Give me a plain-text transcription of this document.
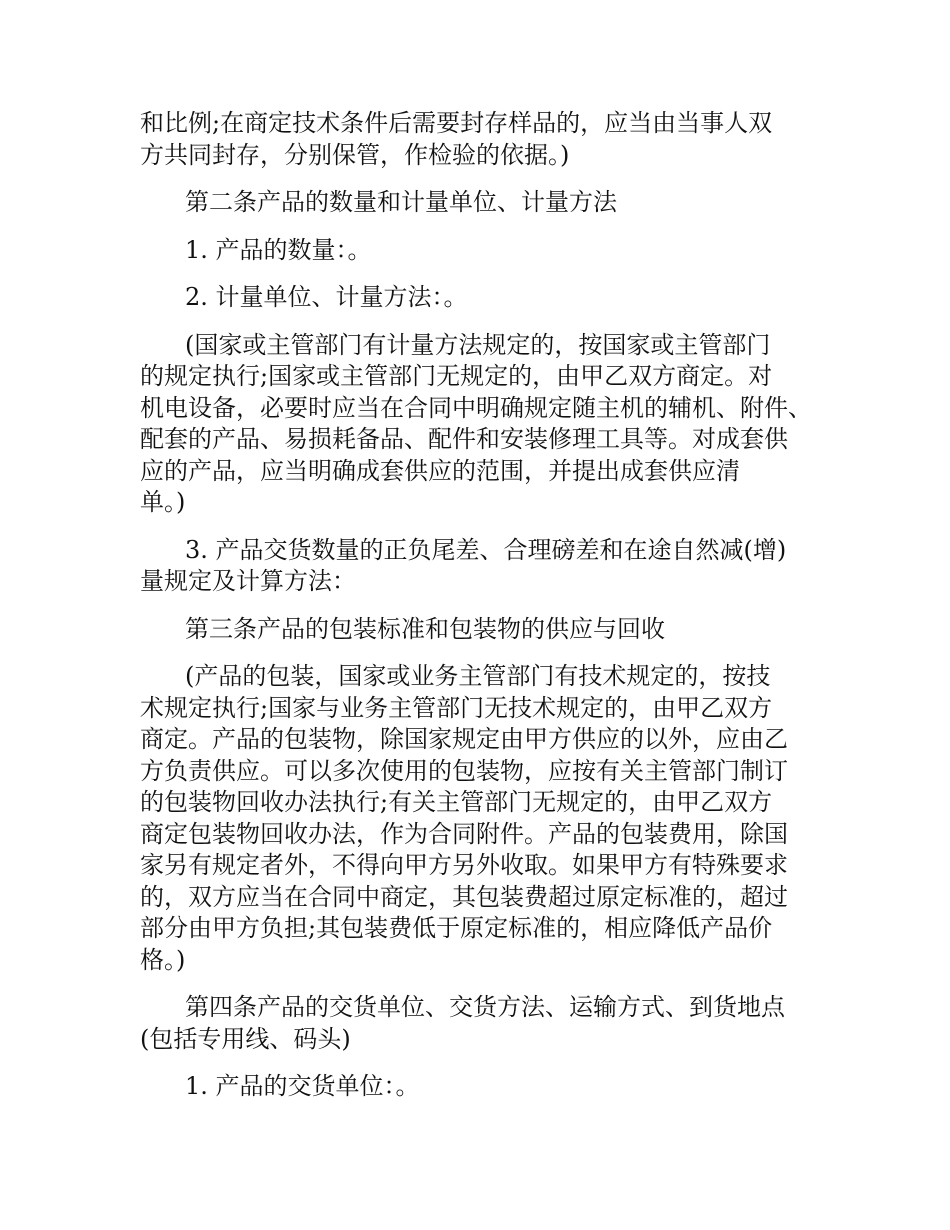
和比例;在商定技术条件后需要封存样品的，应当由当事人双
方共同封存，分别保管，作检验的依据。)

第二条产品的数量和计量单位、计量方法

1. 产品的数量：。

2. 计量单位、计量方法：。

(国家或主管部门有计量方法规定的，按国家或主管部门
的规定执行;国家或主管部门无规定的，由甲乙双方商定。对
机电设备，必要时应当在合同中明确规定随主机的辅机、附件、
配套的产品、易损耗备品、配件和安装修理工具等。对成套供
应的产品，应当明确成套供应的范围，并提出成套供应清
单。)

3. 产品交货数量的正负尾差、合理磅差和在途自然减(增)
量规定及计算方法：

第三条产品的包装标准和包装物的供应与回收

(产品的包装，国家或业务主管部门有技术规定的，按技
术规定执行;国家与业务主管部门无技术规定的，由甲乙双方
商定。产品的包装物，除国家规定由甲方供应的以外，应由乙
方负责供应。可以多次使用的包装物，应按有关主管部门制订
的包装物回收办法执行;有关主管部门无规定的，由甲乙双方
商定包装物回收办法，作为合同附件。产品的包装费用，除国
家另有规定者外，不得向甲方另外收取。如果甲方有特殊要求
的，双方应当在合同中商定，其包装费超过原定标准的，超过
部分由甲方负担;其包装费低于原定标准的，相应降低产品价
格。)

第四条产品的交货单位、交货方法、运输方式、到货地点
(包括专用线、码头)

1. 产品的交货单位：。
